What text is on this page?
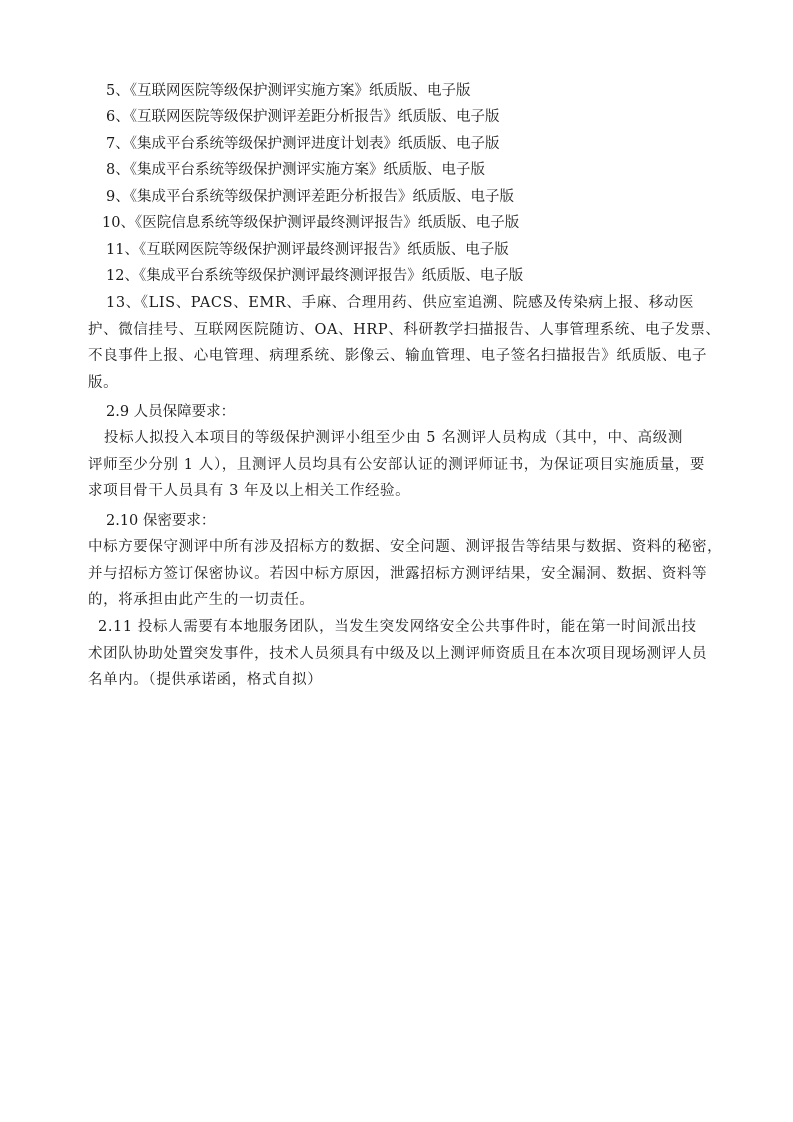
5、《互联网医院等级保护测评实施方案》纸质版、电子版
6、《互联网医院等级保护测评差距分析报告》纸质版、电子版
7、《集成平台系统等级保护测评进度计划表》纸质版、电子版
8、《集成平台系统等级保护测评实施方案》纸质版、电子版
9、《集成平台系统等级保护测评差距分析报告》纸质版、电子版
10、《医院信息系统等级保护测评最终测评报告》纸质版、电子版
11、《互联网医院等级保护测评最终测评报告》纸质版、电子版
12、《集成平台系统等级保护测评最终测评报告》纸质版、电子版
13、《LIS、PACS、EMR、手麻、合理用药、供应室追溯、院感及传染病上报、移动医
护、微信挂号、互联网医院随访、OA、HRP、科研教学扫描报告、人事管理系统、电子发票、
不良事件上报、心电管理、病理系统、影像云、输血管理、电子签名扫描报告》纸质版、电子
版。
2.9 人员保障要求：
投标人拟投入本项目的等级保护测评小组至少由 5 名测评人员构成（其中，中、高级测
评师至少分别 1 人），且测评人员均具有公安部认证的测评师证书，为保证项目实施质量，要
求项目骨干人员具有 3 年及以上相关工作经验。
2.10 保密要求：
中标方要保守测评中所有涉及招标方的数据、安全问题、测评报告等结果与数据、资料的秘密，
并与招标方签订保密协议。若因中标方原因，泄露招标方测评结果，安全漏洞、数据、资料等
的，将承担由此产生的一切责任。
2.11 投标人需要有本地服务团队，当发生突发网络安全公共事件时，能在第一时间派出技
术团队协助处置突发事件，技术人员须具有中级及以上测评师资质且在本次项目现场测评人员
名单内。（提供承诺函，格式自拟）
